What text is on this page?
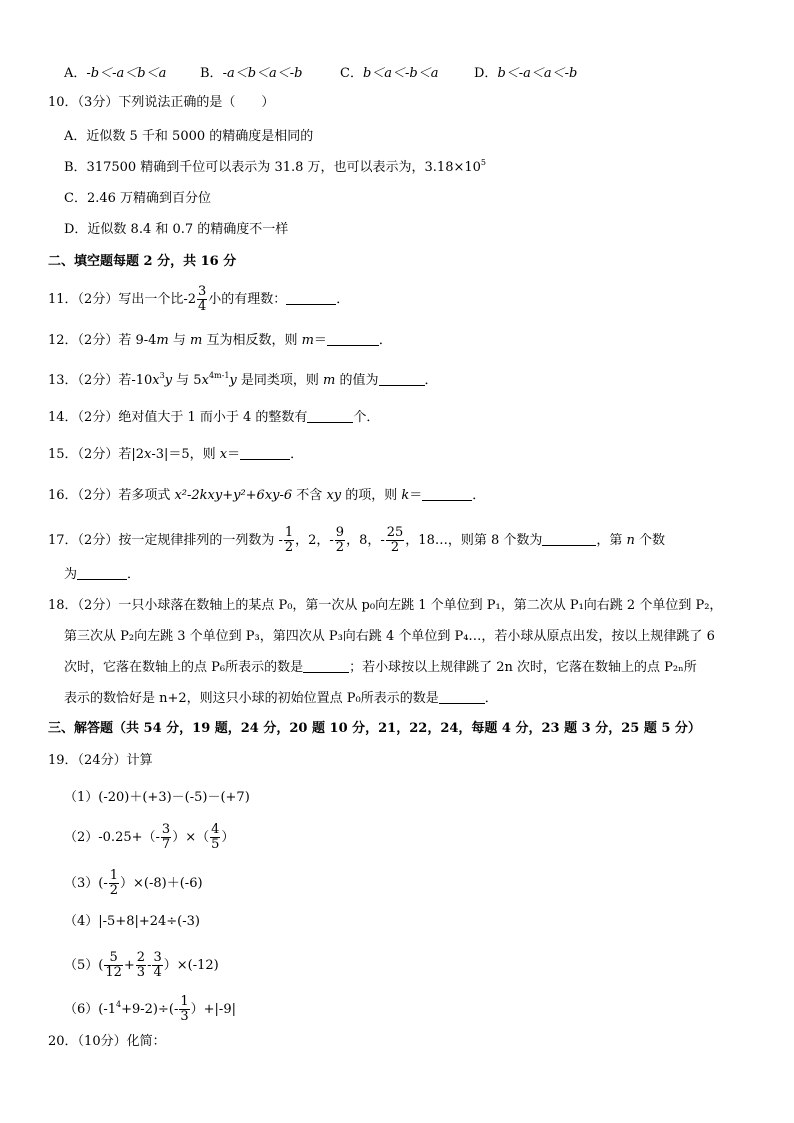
A．-b＜-a＜b＜a	B．-a＜b＜a＜-b	C．b＜a＜-b＜a	D．b＜-a＜a＜-b
10．（3分）下列说法正确的是（　　）
A．近似数 5 千和 5000 的精确度是相同的
B．317500 精确到千位可以表示为 31.8 万，也可以表示为，$3.18\times 10^5$
C．2.46 万精确到百分位
D．近似数 8.4 和 0.7 的精确度不一样
二、填空题每题 2 分，共 16 分
11．（2分）写出一个比$-2 \frac{3}{4}$ 小的有理数：	．
12．（2分）若 9-4m 与 m 互为相反数，则 m＝	．
13．（2分）若$-10x^3y$ 与 $5x^{4m-1}y$ 是同类项，则 m 的值为	．
14．（2分）绝对值大于 1 而小于 4 的整数有	个．
15．（2分）若|2x-3|＝5，则 x＝	．
16．（2分）若多项式 x²-2kxy+y²+6xy-6 不含 xy 的项，则 k＝	．
17．（2分）按一定规律排列的一列数为 - $\frac{1}{2}$ ，2，- $\frac{9}{2}$ ，8，- $\frac{25}{2}$ ，18…，则第 8 个数为	，第 n 个数
为	．
18．（2分）一只小球落在数轴上的某点 P₀，第一次从 p₀向左跳 1 个单位到 P₁，第二次从 P₁向右跳 2 个单位到 P₂，
第三次从 P₂向左跳 3 个单位到 P₃，第四次从 P₃向右跳 4 个单位到 P₄…，若小球从原点出发，按以上规律跳了 6
次时，它落在数轴上的点 P₆所表示的数是	；若小球按以上规律跳了 2n 次时，它落在数轴上的点 P₂ₙ所
表示的数恰好是 n+2，则这只小球的初始位置点 P₀所表示的数是	．
三、解答题（共 54 分，19 题，24 分，20 题 10 分，21，22，24，每题 4 分，23 题 3 分，25 题 5 分）
19．（24分）计算
（1）(-20)＋(+3)－(-5)－(+7)
$(2)-0.25+(- \frac{3}{7}$ ）×（ $\frac{4}{5}$ ）
$(3)(- \frac{1}{2} )\times(-8)+(-6)$
（4）|-5+8|+24÷(-3)
$(5)( \frac{5}{12} + \frac{2}{3} - \frac{3}{4} )\times(-12)$
$(6)(-1^4+9-2)\div(- \frac{1}{3} )+|-9|$
20．（10分）化简：
